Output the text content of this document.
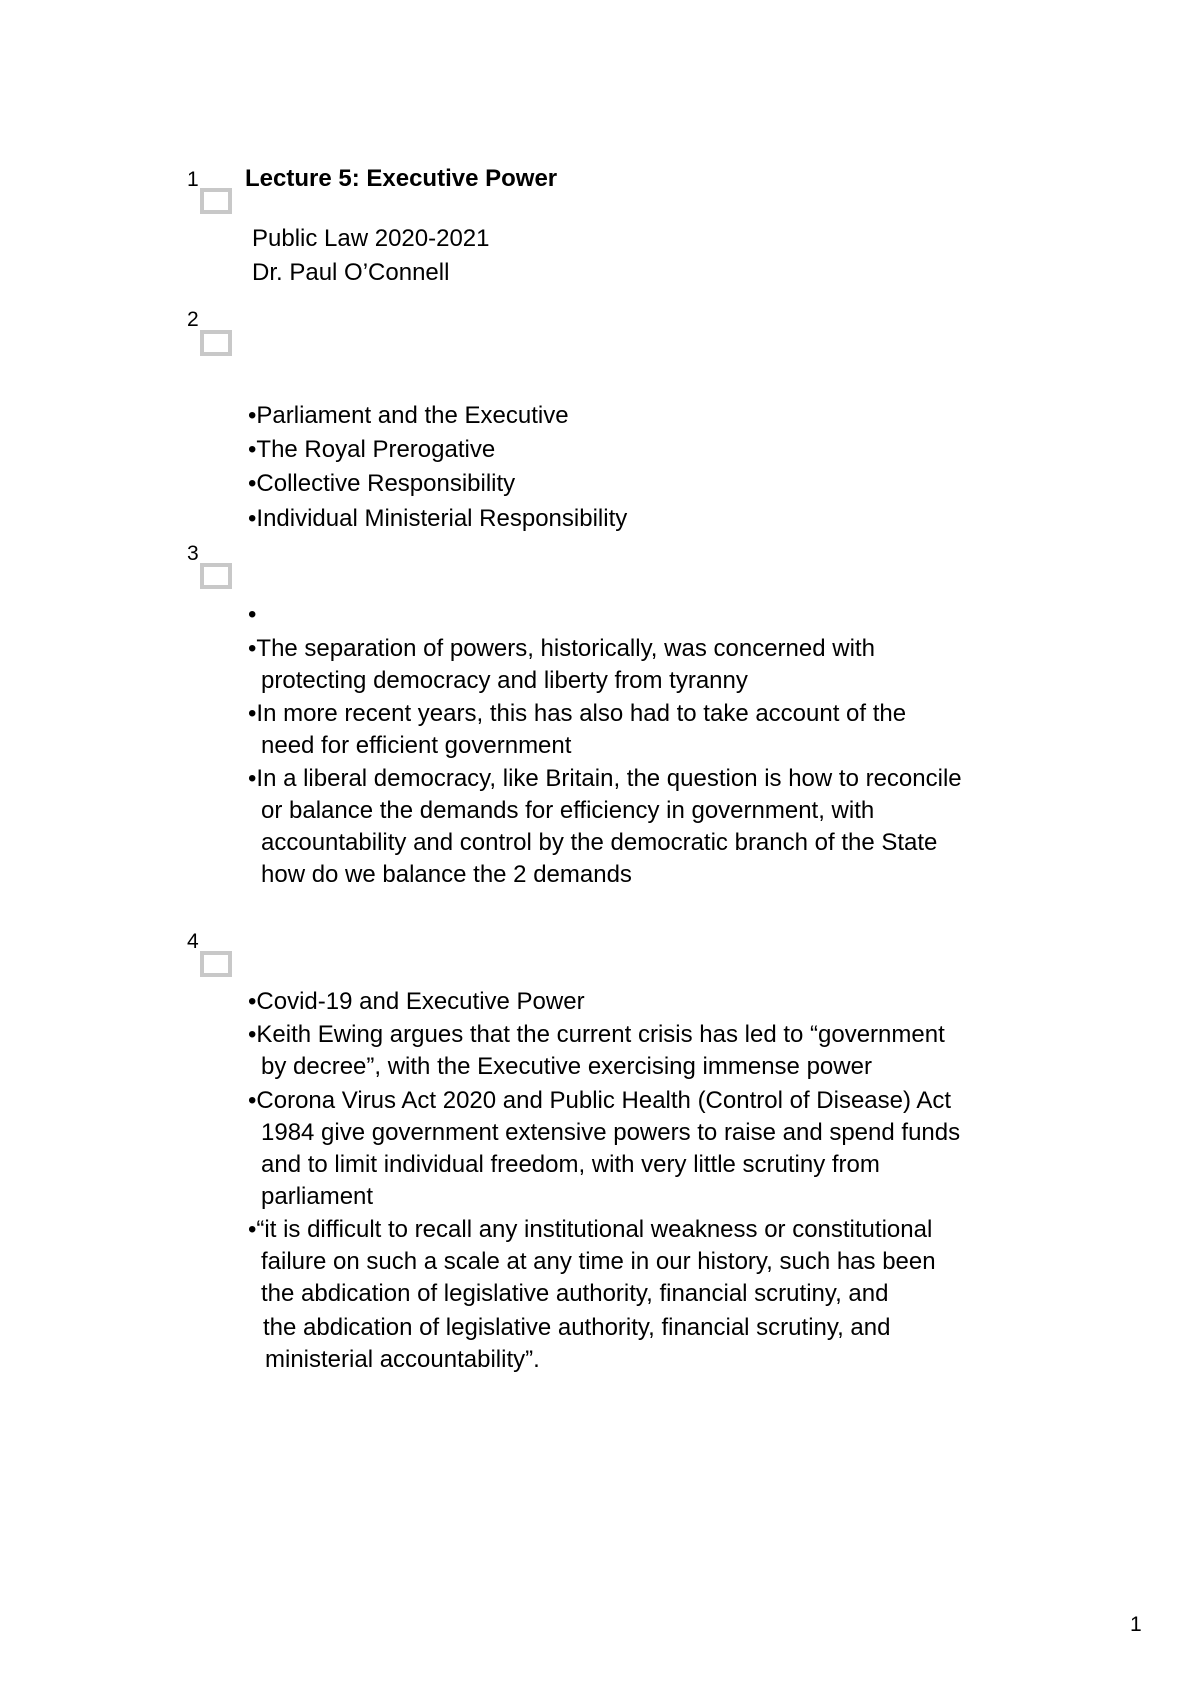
1 Lecture 5: Executive Power
Public Law 2020-2021
Dr. Paul O’Connell
2
•Parliament and the Executive
•The Royal Prerogative
•Collective Responsibility
•Individual Ministerial Responsibility
3
•
•The separation of powers, historically, was concerned with
protecting democracy and liberty from tyranny
•In more recent years, this has also had to take account of the
need for efficient government
•In a liberal democracy, like Britain, the question is how to reconcile
or balance the demands for efficiency in government, with
accountability and control by the democratic branch of the State
how do we balance the 2 demands
4
•Covid-19 and Executive Power
•Keith Ewing argues that the current crisis has led to “government
by decree”, with the Executive exercising immense power
•Corona Virus Act 2020 and Public Health (Control of Disease) Act
1984 give government extensive powers to raise and spend funds
and to limit individual freedom, with very little scrutiny from
parliament
•“it is difficult to recall any institutional weakness or constitutional
failure on such a scale at any time in our history, such has been
the abdication of legislative authority, financial scrutiny, and
the abdication of legislative authority, financial scrutiny, and
ministerial accountability”.
1
